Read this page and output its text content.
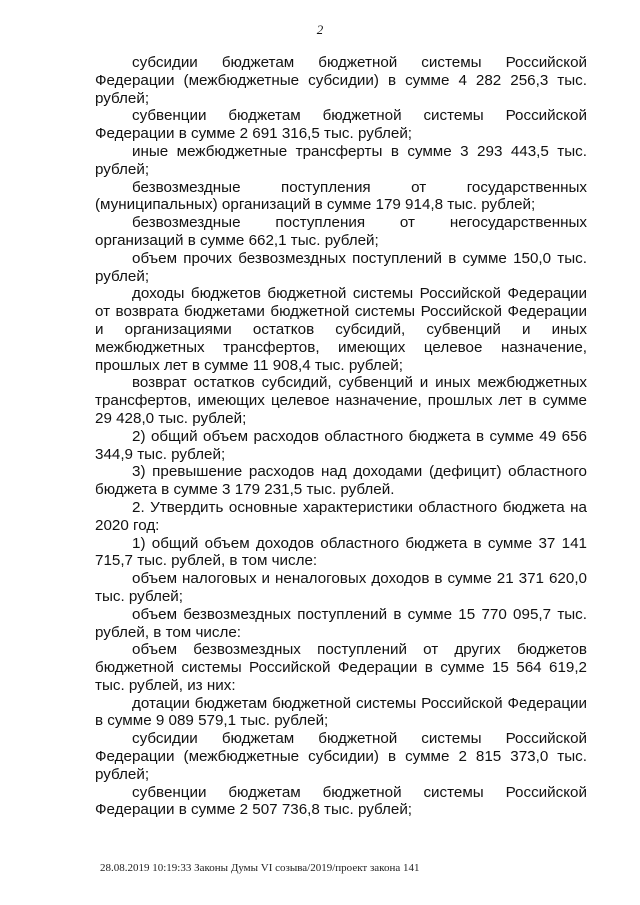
2

субсидии бюджетам бюджетной системы Российской Федерации (межбюджетные субсидии) в сумме 4 282 256,3 тыс. рублей;

субвенции бюджетам бюджетной системы Российской Федерации в сумме 2 691 316,5 тыс. рублей;

иные межбюджетные трансферты в сумме 3 293 443,5 тыс. рублей;

безвозмездные поступления от государственных (муниципальных) организаций в сумме 179 914,8 тыс. рублей;

безвозмездные поступления от негосударственных организаций в сумме 662,1 тыс. рублей;

объем прочих безвозмездных поступлений в сумме 150,0 тыс. рублей;

доходы бюджетов бюджетной системы Российской Федерации от возврата бюджетами бюджетной системы Российской Федерации и организациями остатков субсидий, субвенций и иных межбюджетных трансфертов, имеющих целевое назначение, прошлых лет в сумме 11 908,4 тыс. рублей;

возврат остатков субсидий, субвенций и иных межбюджетных трансфертов, имеющих целевое назначение, прошлых лет в сумме 29 428,0 тыс. рублей;

2) общий объем расходов областного бюджета в сумме 49 656 344,9 тыс. рублей;

3) превышение расходов над доходами (дефицит) областного бюджета в сумме 3 179 231,5 тыс. рублей.

2. Утвердить основные характеристики областного бюджета на 2020 год:

1) общий объем доходов областного бюджета в сумме 37 141 715,7 тыс. рублей, в том числе:

объем налоговых и неналоговых доходов в сумме 21 371 620,0 тыс. рублей;

объем безвозмездных поступлений в сумме 15 770 095,7 тыс. рублей, в том числе:

объем безвозмездных поступлений от других бюджетов бюджетной системы Российской Федерации в сумме 15 564 619,2 тыс. рублей, из них:

дотации бюджетам бюджетной системы Российской Федерации в сумме 9 089 579,1 тыс. рублей;

субсидии бюджетам бюджетной системы Российской Федерации (межбюджетные субсидии) в сумме 2 815 373,0 тыс. рублей;

субвенции бюджетам бюджетной системы Российской Федерации в сумме 2 507 736,8 тыс. рублей;

28.08.2019 10:19:33 Законы Думы VI созыва/2019/проект закона 141
